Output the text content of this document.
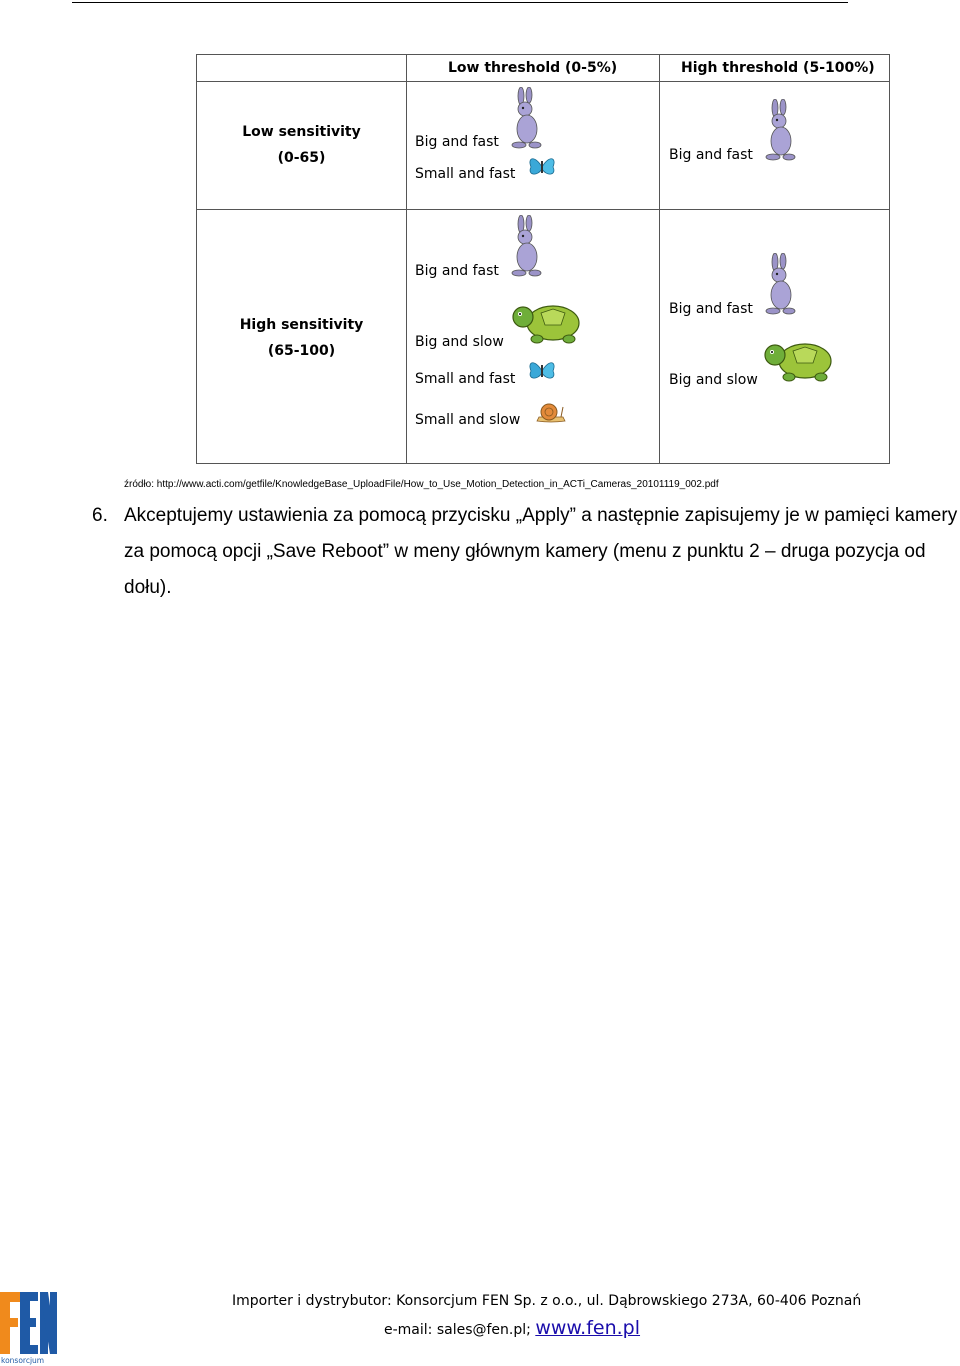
Low threshold (0-5%)	High threshold (5-100%)
Low sensitivity
(0-65)
High sensitivity
(65-100)
Big and fast
Small and fast
Big and fast
Big and fast
Big and slow
Small and fast
Small and slow
Big and fast
Big and slow
źródło: http://www.acti.com/getfile/KnowledgeBase_UploadFile/How_to_Use_Motion_Detection_in_ACTi_Cameras_20101119_002.pdf
6. Akceptujemy ustawienia za pomocą przycisku „Apply” a następnie zapisujemy je w pamięci kamery za pomocą opcji „Save Reboot” w meny głównym kamery (menu z punktu 2 – druga pozycja od dołu).
konsorcjum
Importer i dystrybutor: Konsorcjum FEN Sp. z o.o., ul. Dąbrowskiego 273A, 60-406 Poznań
e-mail: sales@fen.pl; www.fen.pl
